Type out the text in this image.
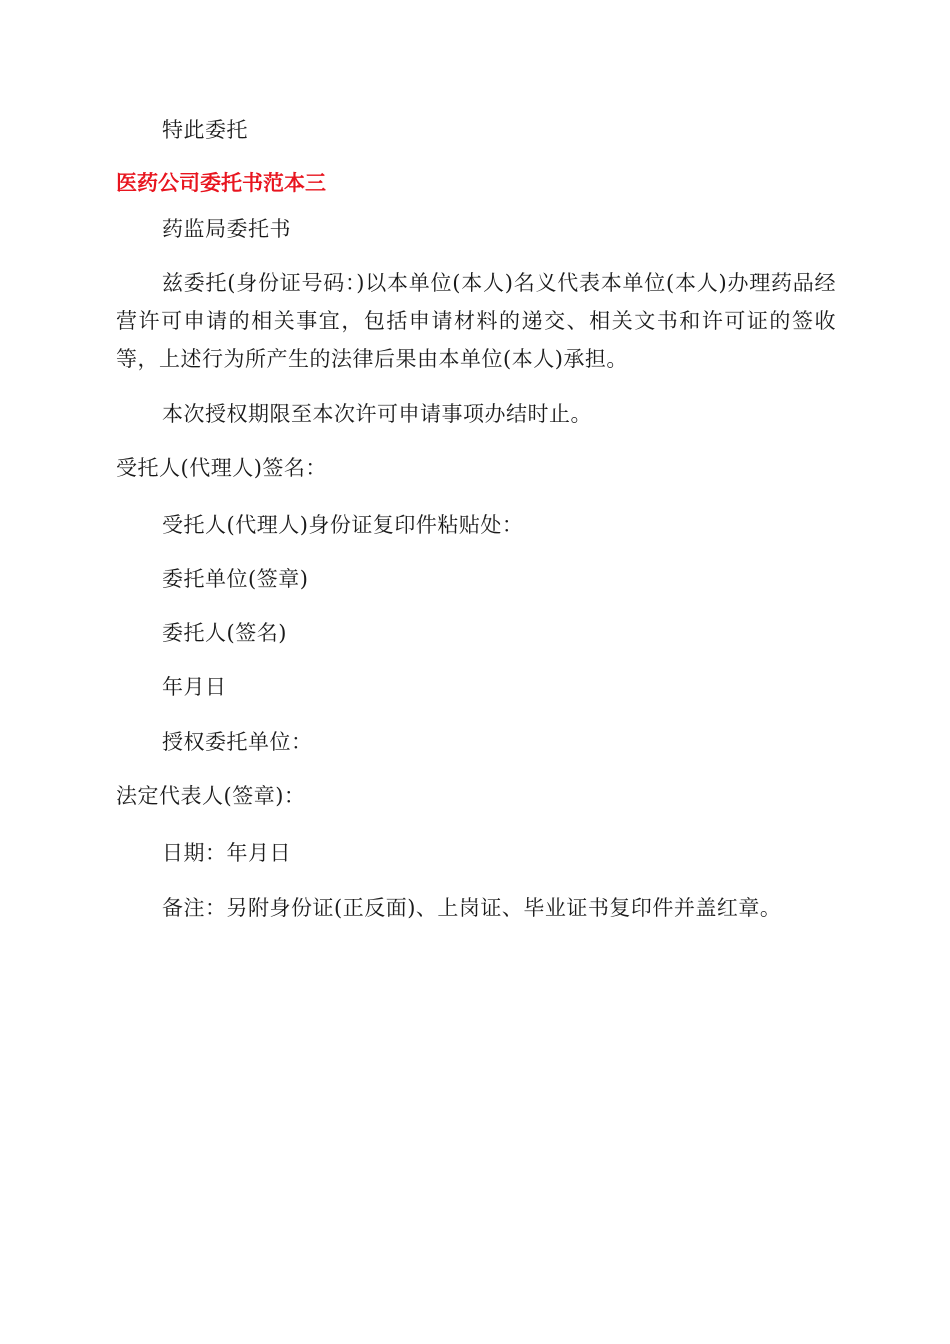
特此委托
医药公司委托书范本三
药监局委托书
兹委托(身份证号码：)以本单位(本人)名义代表本单位(本人)办理药品经营许可申请的相关事宜，包括申请材料的递交、相关文书和许可证的签收等，上述行为所产生的法律后果由本单位(本人)承担。
本次授权期限至本次许可申请事项办结时止。
受托人(代理人)签名：
受托人(代理人)身份证复印件粘贴处：
委托单位(签章)
委托人(签名)
年月日
授权委托单位：
法定代表人(签章)：
日期：年月日
备注：另附身份证(正反面)、上岗证、毕业证书复印件并盖红章。
